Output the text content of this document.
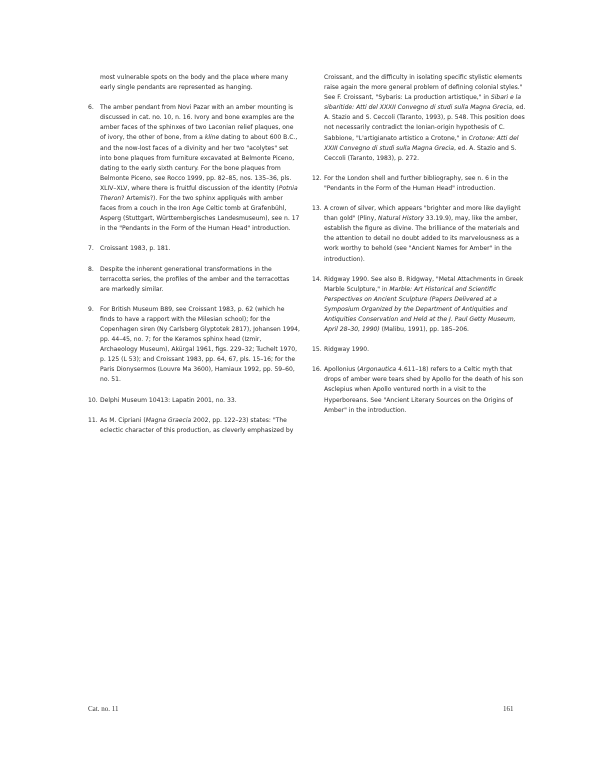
most vulnerable spots on the body and the place where many early single pendants are represented as hanging.
6. The amber pendant from Novi Pazar with an amber mounting is discussed in cat. no. 10, n. 16. Ivory and bone examples are the amber faces of the sphinxes of two Laconian relief plaques, one of ivory, the other of bone, from a kline dating to about 600 B.C., and the now-lost faces of a divinity and her two "acolytes" set into bone plaques from furniture excavated at Belmonte Piceno, dating to the early sixth century. For the bone plaques from Belmonte Piceno, see Rocco 1999, pp. 82–85, nos. 135–36, pls. XLIV–XLV, where there is fruitful discussion of the identity (Potnia Theron? Artemis?). For the two sphinx appliqués with amber faces from a couch in the Iron Age Celtic tomb at Grafenbühl, Asperg (Stuttgart, Württembergisches Landesmuseum), see n. 17 in the "Pendants in the Form of the Human Head" introduction.
7. Croissant 1983, p. 181.
8. Despite the inherent generational transformations in the terracotta series, the profiles of the amber and the terracottas are markedly similar.
9. For British Museum B89, see Croissant 1983, p. 62 (which he finds to have a rapport with the Milesian school); for the Copenhagen siren (Ny Carlsberg Glyptotek 2817), Johansen 1994, pp. 44–45, no. 7; for the Keramos sphinx head (Izmir, Archaeology Museum), Akürgal 1961, figs. 229–32; Tuchelt 1970, p. 125 (L 53); and Croissant 1983, pp. 64, 67, pls. 15–16; for the Paris Dionysermos (Louvre Ma 3600), Hamiaux 1992, pp. 59–60, no. 51.
10. Delphi Museum 10413: Lapatin 2001, no. 33.
11. As M. Cipriani (Magna Graecia 2002, pp. 122–23) states: "The eclectic character of this production, as cleverly emphasized by
Croissant, and the difficulty in isolating specific stylistic elements raise again the more general problem of defining colonial styles." See F. Croissant, "Sybaris: La production artistique," in Sibari e la sibaritide: Atti del XXXII Convegno di studi sulla Magna Grecia, ed. A. Stazio and S. Ceccoli (Taranto, 1993), p. 548. This position does not necessarily contradict the Ionian-origin hypothesis of C. Sabbione, "L'artigianato artistico a Crotone," in Crotone: Atti del XXIII Convegno di studi sulla Magna Grecia, ed. A. Stazio and S. Ceccoli (Taranto, 1983), p. 272.
12. For the London shell and further bibliography, see n. 6 in the "Pendants in the Form of the Human Head" introduction.
13. A crown of silver, which appears "brighter and more like daylight than gold" (Pliny, Natural History 33.19.9), may, like the amber, establish the figure as divine. The brilliance of the materials and the attention to detail no doubt added to its marvelousness as a work worthy to behold (see "Ancient Names for Amber" in the introduction).
14. Ridgway 1990. See also B. Ridgway, "Metal Attachments in Greek Marble Sculpture," in Marble: Art Historical and Scientific Perspectives on Ancient Sculpture (Papers Delivered at a Symposium Organized by the Department of Antiquities and Antiquities Conservation and Held at the J. Paul Getty Museum, April 28–30, 1990) (Malibu, 1991), pp. 185–206.
15. Ridgway 1990.
16. Apollonius (Argonautica 4.611–18) refers to a Celtic myth that drops of amber were tears shed by Apollo for the death of his son Asclepius when Apollo ventured north in a visit to the Hyperboreans. See "Ancient Literary Sources on the Origins of Amber" in the introduction.
Cat. no. 11	161
